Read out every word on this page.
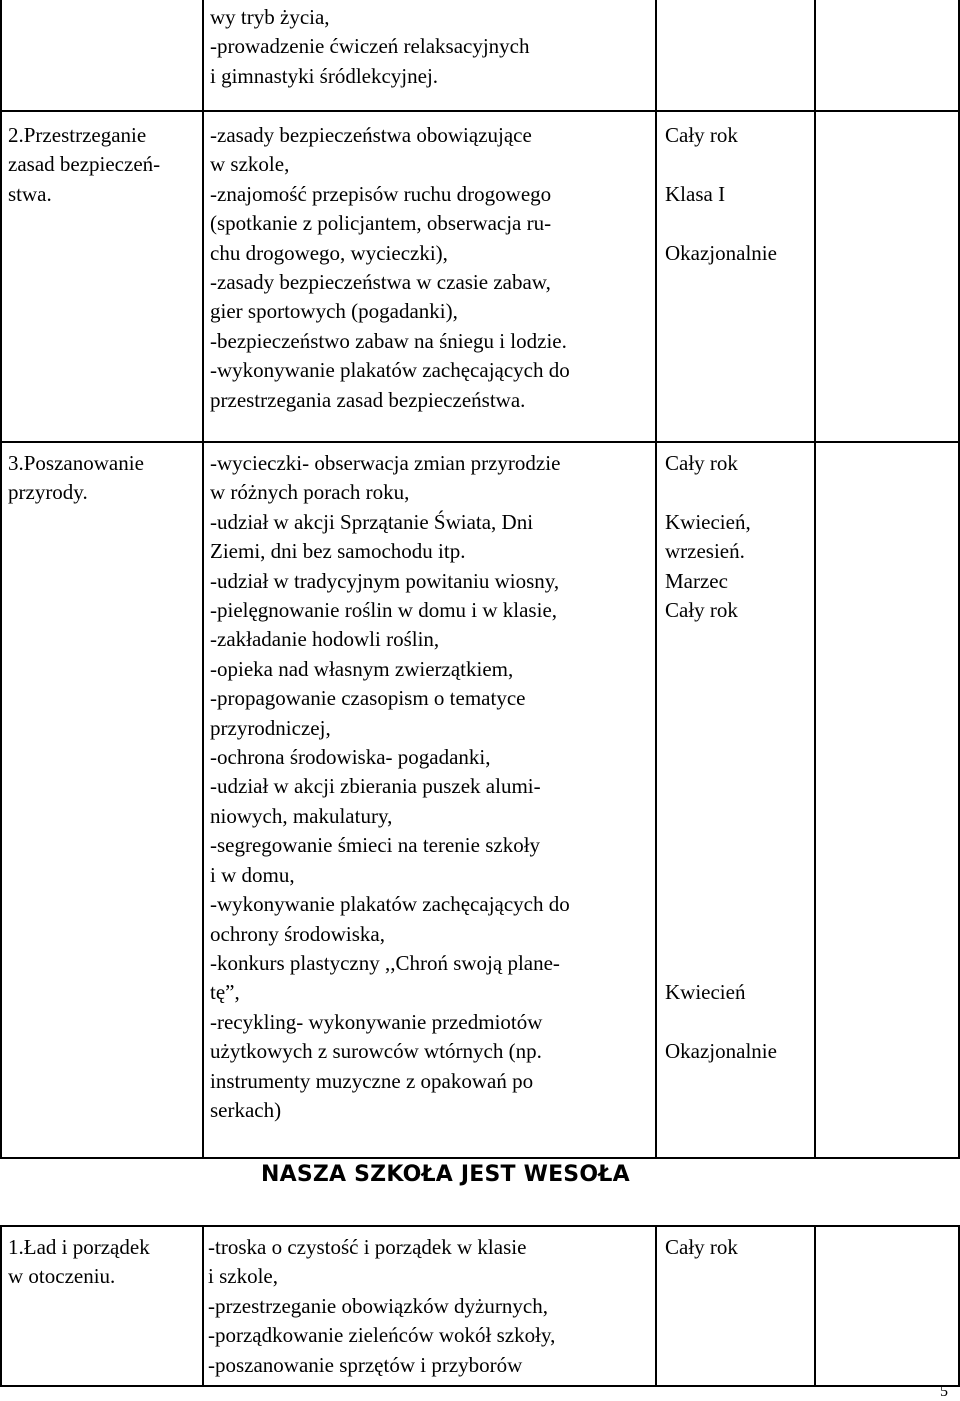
wy tryb życia,
-prowadzenie ćwiczeń relaksacyjnych
i gimnastyki śródlekcyjnej.
2.Przestrzeganie
zasad bezpieczeń-
stwa.
-zasady bezpieczeństwa obowiązujące
w szkole,
-znajomość przepisów ruchu drogowego
(spotkanie z policjantem, obserwacja ru-
chu drogowego, wycieczki),
-zasady bezpieczeństwa w czasie zabaw,
gier sportowych (pogadanki),
-bezpieczeństwo zabaw na śniegu i lodzie.
-wykonywanie plakatów zachęcających do
przestrzegania zasad bezpieczeństwa.
Cały rok

Klasa I

Okazjonalnie
3.Poszanowanie
przyrody.
-wycieczki- obserwacja zmian przyrodzie
w różnych porach roku,
-udział w akcji Sprzątanie Świata, Dni
Ziemi, dni bez samochodu itp.
-udział w tradycyjnym powitaniu wiosny,
-pielęgnowanie roślin w domu i w klasie,
-zakładanie hodowli roślin,
-opieka nad własnym zwierzątkiem,
-propagowanie czasopism o tematyce
przyrodniczej,
-ochrona środowiska- pogadanki,
-udział w akcji zbierania puszek alumi-
niowych, makulatury,
-segregowanie śmieci na terenie szkoły
i w domu,
-wykonywanie plakatów zachęcających do
ochrony środowiska,
-konkurs plastyczny ,,Chroń swoją plane-
tę”,
-recykling- wykonywanie przedmiotów
użytkowych z surowców wtórnych (np.
instrumenty muzyczne z opakowań po
serkach)
Cały rok

Kwiecień,
wrzesień.
Marzec
Cały rok

Kwiecień

Okazjonalnie
NASZA SZKOŁA JEST WESOŁA
1.Ład i porządek
w otoczeniu.
-troska o czystość i porządek w klasie
i szkole,
-przestrzeganie obowiązków dyżurnych,
-porządkowanie zieleńców wokół szkoły,
-poszanowanie sprzętów i przyborów
Cały rok
5
